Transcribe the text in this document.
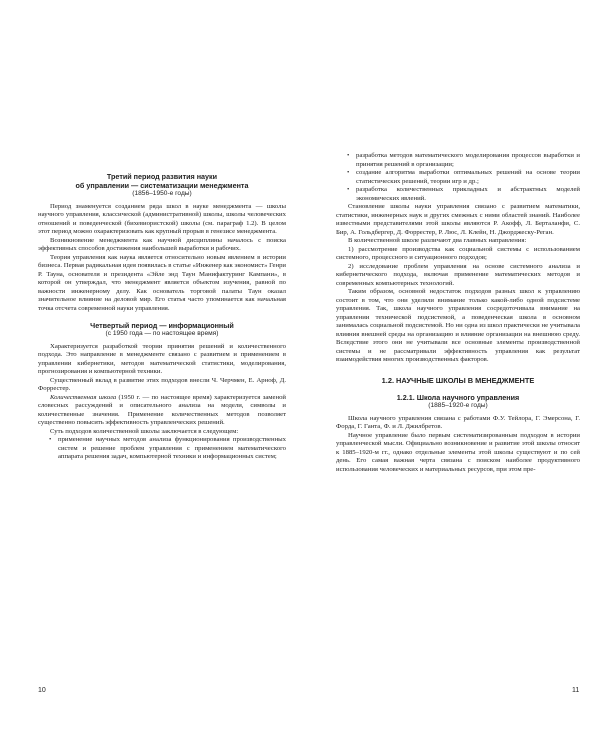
Третий период развития науки
об управлении — систематизации менеджмента
(1856–1950-е годы)

Период знаменуется созданием ряда школ в науке менеджмента — школы научного управления, классической (административной) школы, школы человеческих отношений и поведенческой (бихевиористской) школы (см. параграф 1.2). В целом этот период можно охарактеризовать как крупный прорыв в генезисе менеджмента.

Возникновение менеджмента как научной дисциплины началось с поиска эффективных способов достижения наибольшей выработки и рабочих.

Теория управления как наука является относительно новым явлением в истории бизнеса. Первая радикальная идея появилась в статье «Инженер как экономист» Генри Р. Тауна, основателя и президента «Эйле энд Таун Манифактуринг Кампани», в которой он утверждал, что менеджмент является объектом изучения, равной по важности инженерному делу. Как основатель торговой палаты Таун оказал значительное влияние на деловой мир. Его статья часто упоминается как начальная точка отсчета современной науки управления.

Четвертый период — информационный
(с 1950 года — по настоящее время)

Характеризуется разработкой теории принятия решений и количественного подхода. Это направление в менеджменте связано с развитием и применением в управлении кибернетики, методов математической статистики, моделирования, прогнозирования и компьютерной техники.

Существенный вклад в развитие этих подходов внесли Ч. Черчмен, Е. Арноф, Д. Форрестер.

Количественная школа (1950 г. — по настоящее время) характеризуется заменой словесных рассуждений и описательного анализа на модели, символы и количественные значения. Применение количественных методов позволяет существенно повысить эффективность управленческих решений.

Суть подходов количественной школы заключается в следующем:

• применение научных методов анализа функционирования производственных систем и решение проблем управления с применением математического аппарата решения задач, компьютерной техники и информационных систем;

10

• разработка методов математического моделирования процессов выработки и принятия решений в организации;

• создание алгоритма выработки оптимальных решений на основе теории статистических решений, теории игр и др.;

• разработка количественных прикладных и абстрактных моделей экономических явлений.

Становление школы науки управления связано с развитием математики, статистики, инженерных наук и других смежных с ними областей знаний. Наиболее известными представителями этой школы являются Р. Акофф, Л. Берталанфи, С. Бир, А. Гольдбергер, Д. Форрестер, Р. Люс, Л. Клейн, Н. Джорджеску-Реган.

В количественной школе различают два главных направления:

1) рассмотрение производства как социальной системы с использованием системного, процессного и ситуационного подходов;

2) исследование проблем управления на основе системного анализа и кибернетического подхода, включая применение математических методов и современных компьютерных технологий.

Таким образом, основной недостаток подходов разных школ к управлению состоит в том, что они уделяли внимание только какой-либо одной подсистеме управления. Так, школа научного управления сосредоточивала внимание на управлении технической подсистемой, а поведенческая школа в основном занималась социальной подсистемой. Но ни одна из школ практически не учитывала влияния внешней среды на организацию и влияние организации на внешнюю среду. Вследствие этого они не учитывали все основные элементы производственной системы и не рассматривали эффективность управления как результат взаимодействия многих производственных факторов.

1.2. НАУЧНЫЕ ШКОЛЫ В МЕНЕДЖМЕНТЕ
1.2.1. Школа научного управления
(1885–1920-е годы)

Школа научного управления связана с работами Ф.У. Тейлора, Г. Эмерсона, Г. Форда, Г. Ганта, Ф. и Л. Джилбретов.

Научное управление было первым систематизированным подходом в истории управленческой мысли. Официально возникновение и развитие этой школы относят к 1885–1920-м гг., однако отдельные элементы этой школы существуют и по сей день. Его самая важная черта связана с поиском наиболее продуктивного использования человеческих и материальных ресурсов, при этом пре-

11
